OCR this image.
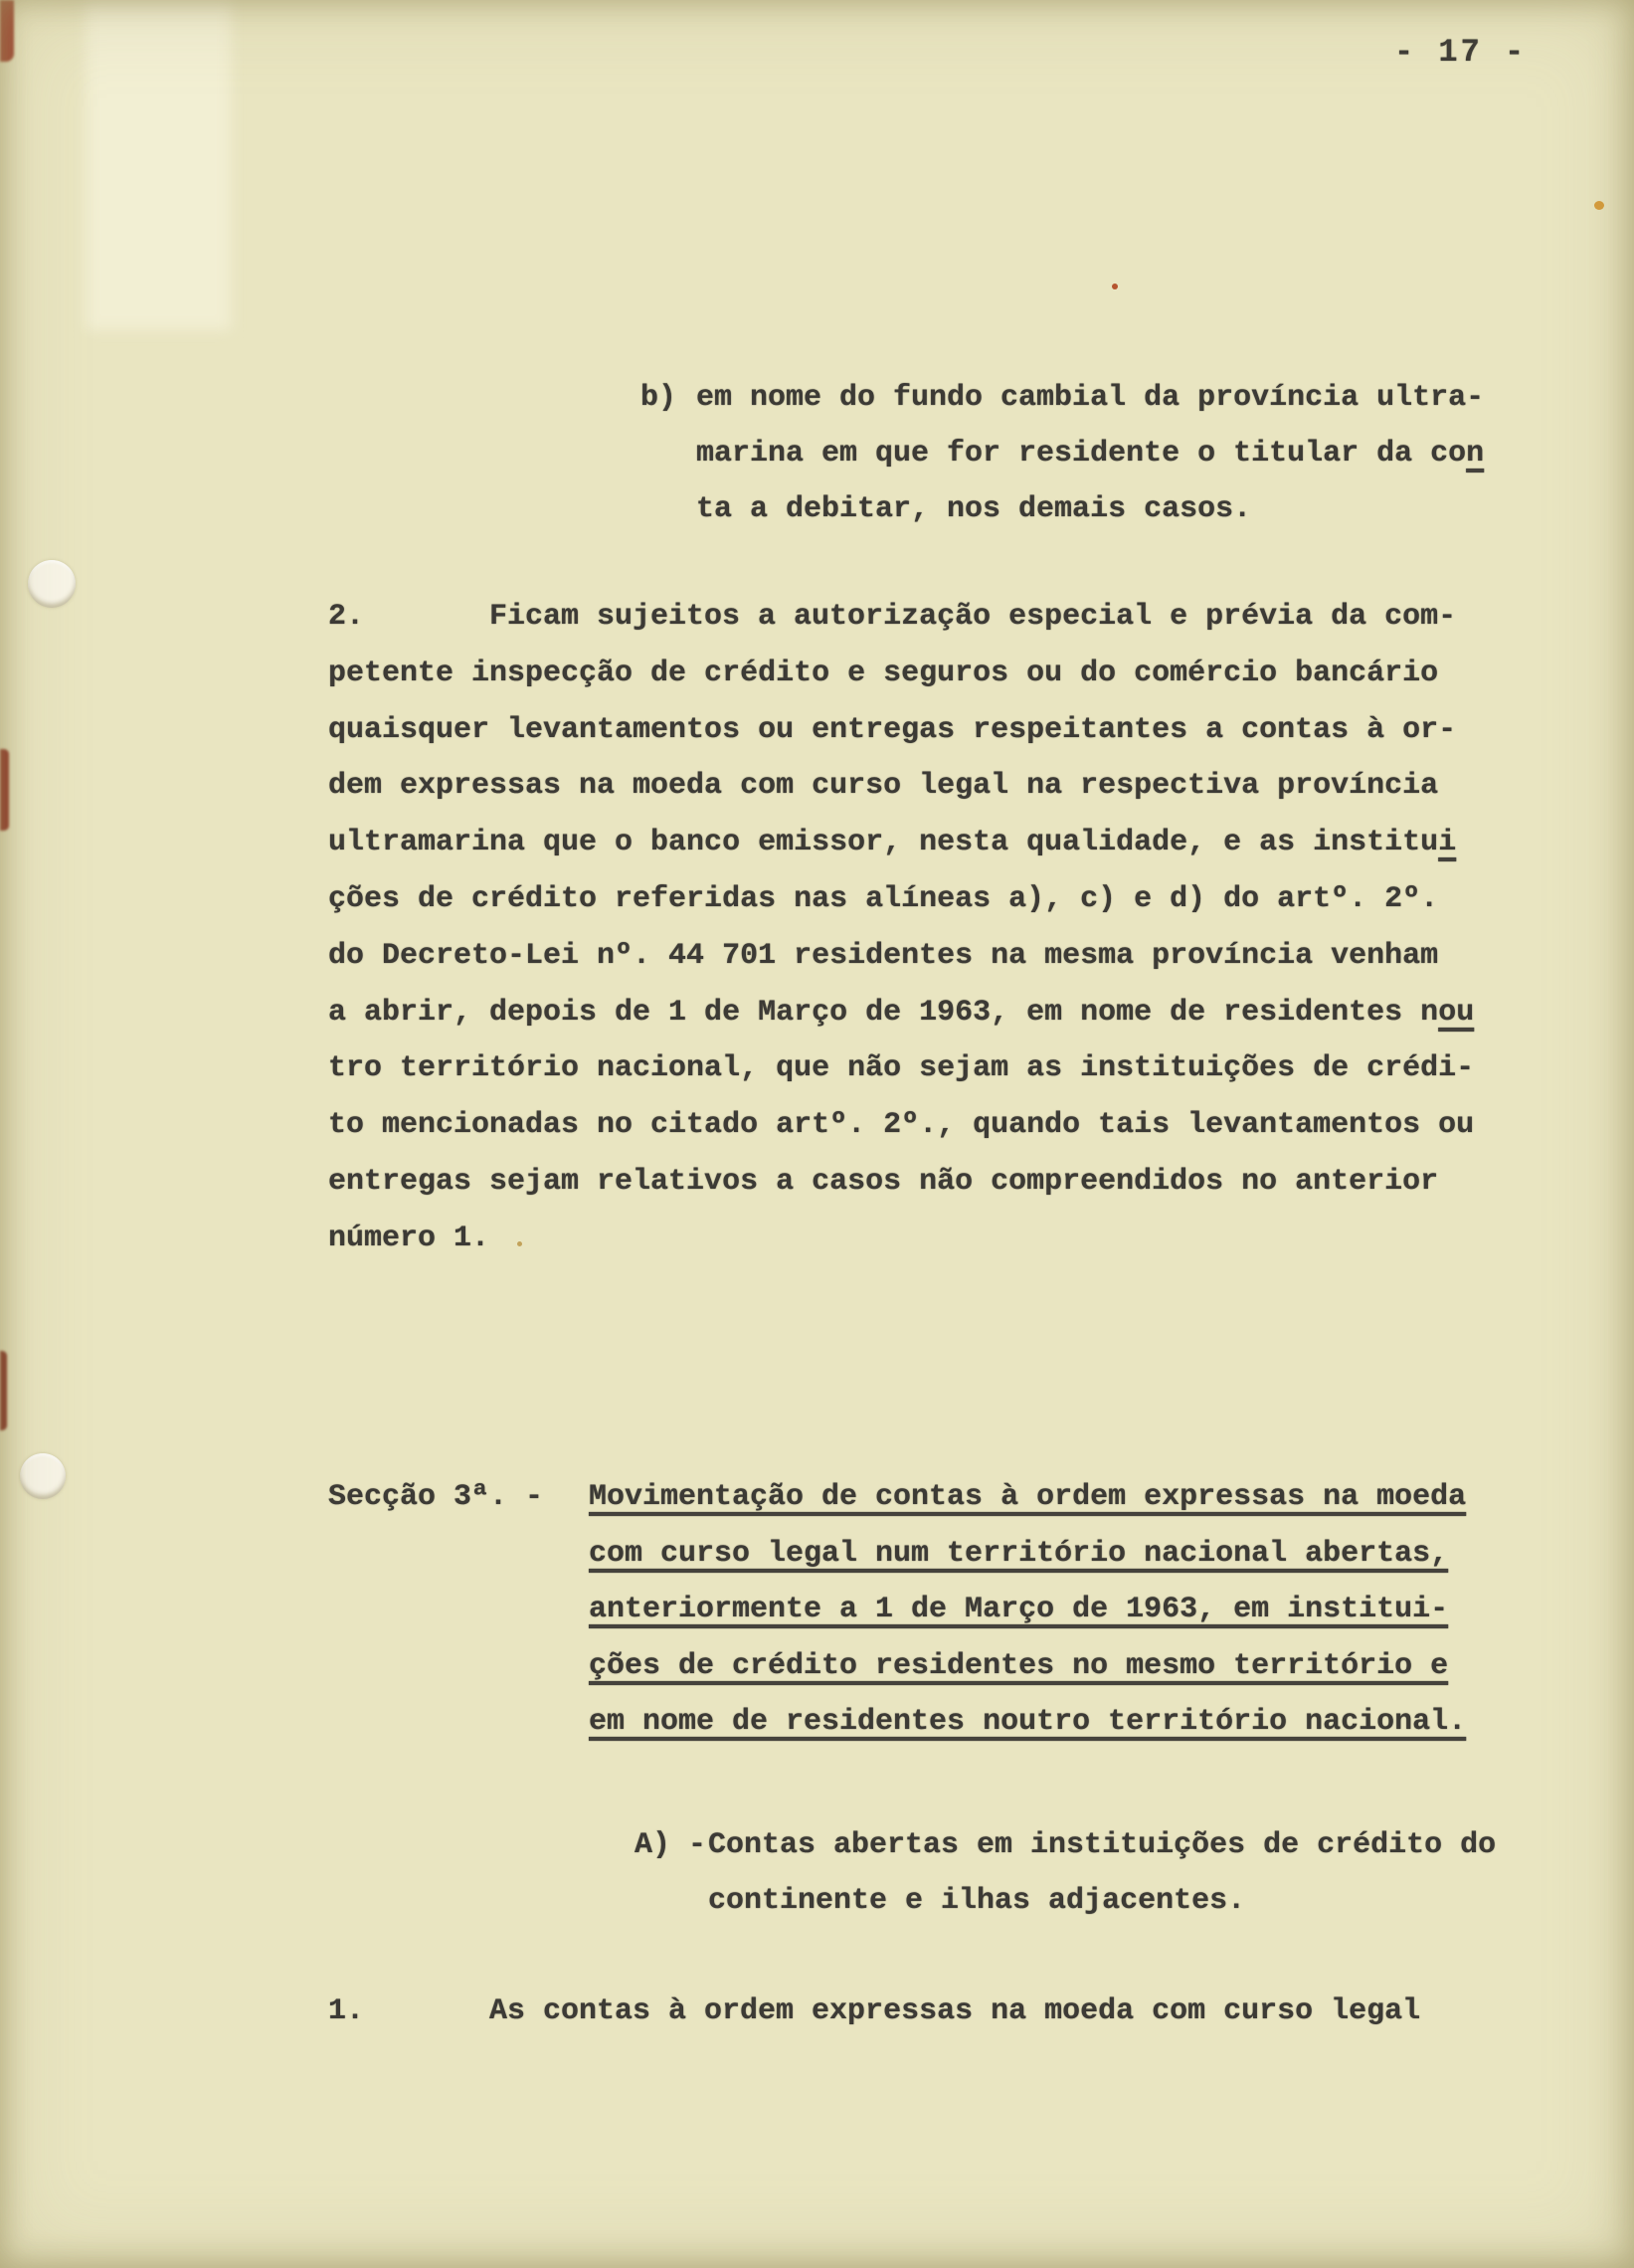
- 17 -
b) em nome do fundo cambial da província ultra-
marina em que for residente o titular da con
ta a debitar, nos demais casos.
2.	Ficam sujeitos a autorização especial e prévia da com-
petente inspecção de crédito e seguros ou do comércio bancário
quaisquer levantamentos ou entregas respeitantes a contas à or-
dem expressas na moeda com curso legal na respectiva província
ultramarina que o banco emissor, nesta qualidade, e as institui
ções de crédito referidas nas alíneas a), c) e d) do artº. 2º.
do Decreto-Lei nº. 44 701 residentes na mesma província venham
a abrir, depois de 1 de Março de 1963, em nome de residentes nou
tro território nacional, que não sejam as instituições de crédi-
to mencionadas no citado artº. 2º., quando tais levantamentos ou
entregas sejam relativos a casos não compreendidos no anterior
número 1.
Secção 3ª. - Movimentação de contas à ordem expressas na moeda
com curso legal num território nacional abertas,
anteriormente a 1 de Março de 1963, em institui-
ções de crédito residentes no mesmo território e
em nome de residentes noutro território nacional.
A) - Contas abertas em instituições de crédito do
continente e ilhas adjacentes.
1.	As contas à ordem expressas na moeda com curso legal
